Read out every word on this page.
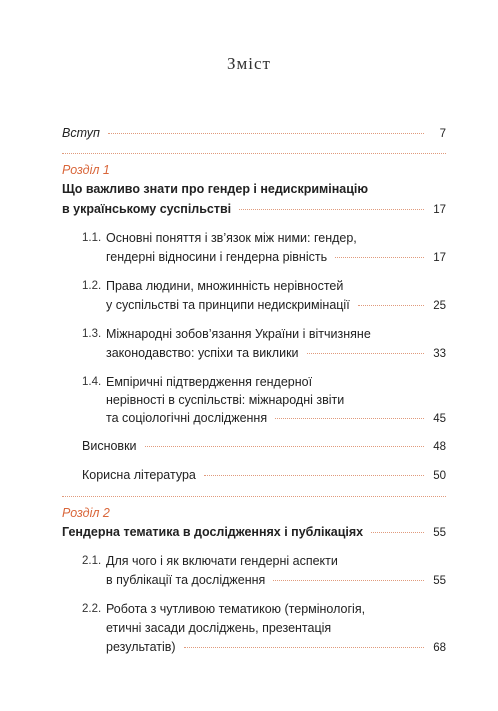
Зміст
Вступ	7
Розділ 1
Що важливо знати про гендер і недискримінацію
в українському суспільстві	17
1.1. Основні поняття і зв’язок між ними: гендер,
гендерні відносини і гендерна рівність	17
1.2. Права людини, множинність нерівностей
у суспільстві та принципи недискримінації	25
1.3. Міжнародні зобов’язання України і вітчизняне
законодавство: успіхи та виклики	33
1.4. Емпіричні підтвердження гендерної
нерівності в суспільстві: міжнародні звіти
та соціологічні дослідження	45
Висновки	48
Корисна література	50
Розділ 2
Гендерна тематика в дослідженнях і публікаціях	55
2.1. Для чого і як включати гендерні аспекти
в публікації та дослідження	55
2.2. Робота з чутливою тематикою (термінологія,
етичні засади досліджень, презентація
результатів)	68
